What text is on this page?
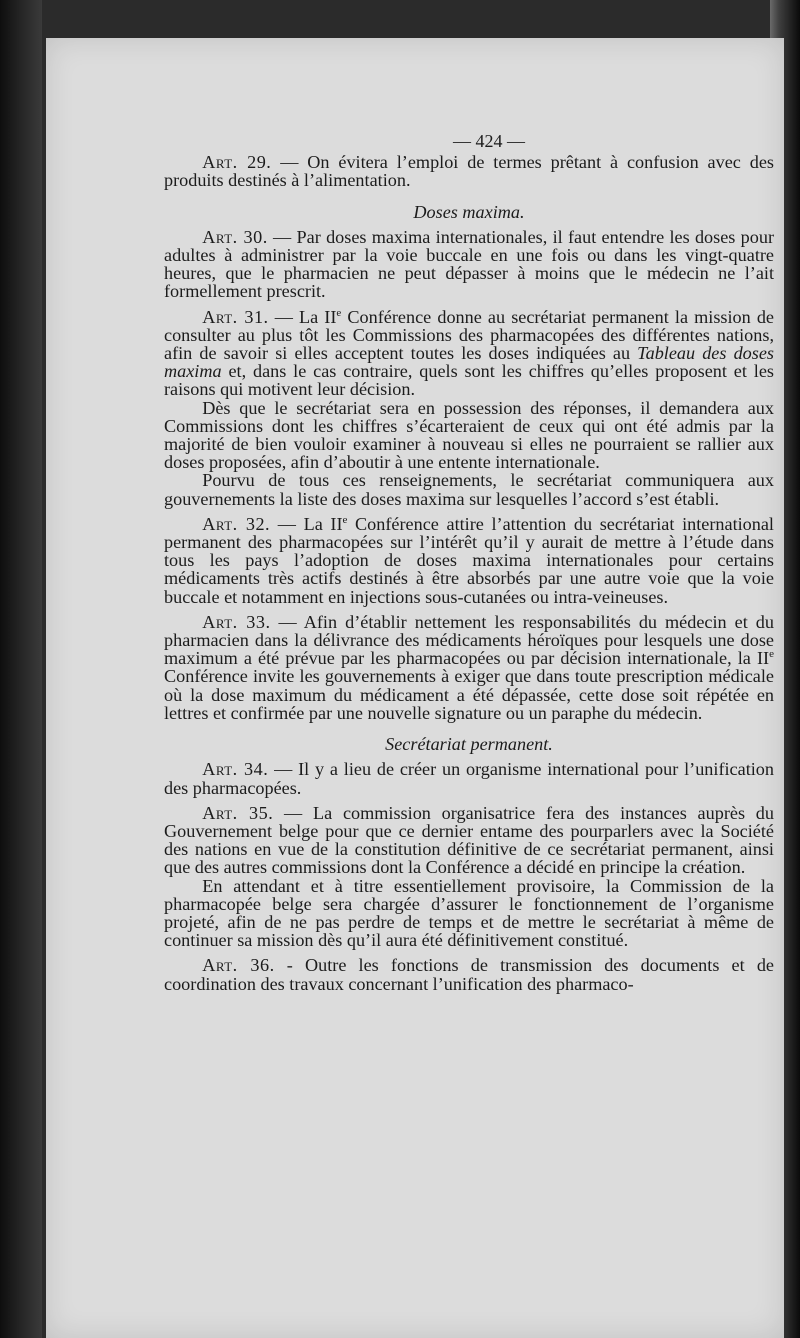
— 424 —

Art. 29. — On évitera l’emploi de termes prêtant à confusion avec des produits destinés à l’alimentation.

Doses maxima.

Art. 30. — Par doses maxima internationales, il faut entendre les doses pour adultes à administrer par la voie buccale en une fois ou dans les vingt-quatre heures, que le pharmacien ne peut dépasser à moins que le médecin ne l’ait formellement prescrit.

Art. 31. — La IIe Conférence donne au secrétariat permanent la mission de consulter au plus tôt les Commissions des pharmacopées des différentes nations, afin de savoir si elles acceptent toutes les doses indiquées au Tableau des doses maxima et, dans le cas contraire, quels sont les chiffres qu’elles proposent et les raisons qui motivent leur décision.

Dès que le secrétariat sera en possession des réponses, il demandera aux Commissions dont les chiffres s’écarteraient de ceux qui ont été admis par la majorité de bien vouloir examiner à nouveau si elles ne pourraient se rallier aux doses proposées, afin d’aboutir à une entente internationale.

Pourvu de tous ces renseignements, le secrétariat communiquera aux gouvernements la liste des doses maxima sur lesquelles l’accord s’est établi.

Art. 32. — La IIe Conférence attire l’attention du secrétariat international permanent des pharmacopées sur l’intérêt qu’il y aurait de mettre à l’étude dans tous les pays l’adoption de doses maxima internationales pour certains médicaments très actifs destinés à être absorbés par une autre voie que la voie buccale et notamment en injections sous-cutanées ou intra-veineuses.

Art. 33. — Afin d’établir nettement les responsabilités du médecin et du pharmacien dans la délivrance des médicaments héroïques pour lesquels une dose maximum a été prévue par les pharmacopées ou par décision internationale, la IIe Conférence invite les gouvernements à exiger que dans toute prescription médicale où la dose maximum du médicament a été dépassée, cette dose soit répétée en lettres et confirmée par une nouvelle signature ou un paraphe du médecin.

Secrétariat permanent.

Art. 34. — Il y a lieu de créer un organisme international pour l’unification des pharmacopées.

Art. 35. — La commission organisatrice fera des instances auprès du Gouvernement belge pour que ce dernier entame des pourparlers avec la Société des nations en vue de la constitution définitive de ce secrétariat permanent, ainsi que des autres commissions dont la Conférence a décidé en principe la création.

En attendant et à titre essentiellement provisoire, la Commission de la pharmacopée belge sera chargée d’assurer le fonctionnement de l’organisme projeté, afin de ne pas perdre de temps et de mettre le secrétariat à même de continuer sa mission dès qu’il aura été définitivement constitué.

Art. 36. - Outre les fonctions de transmission des documents et de coordination des travaux concernant l’unification des pharmaco-
